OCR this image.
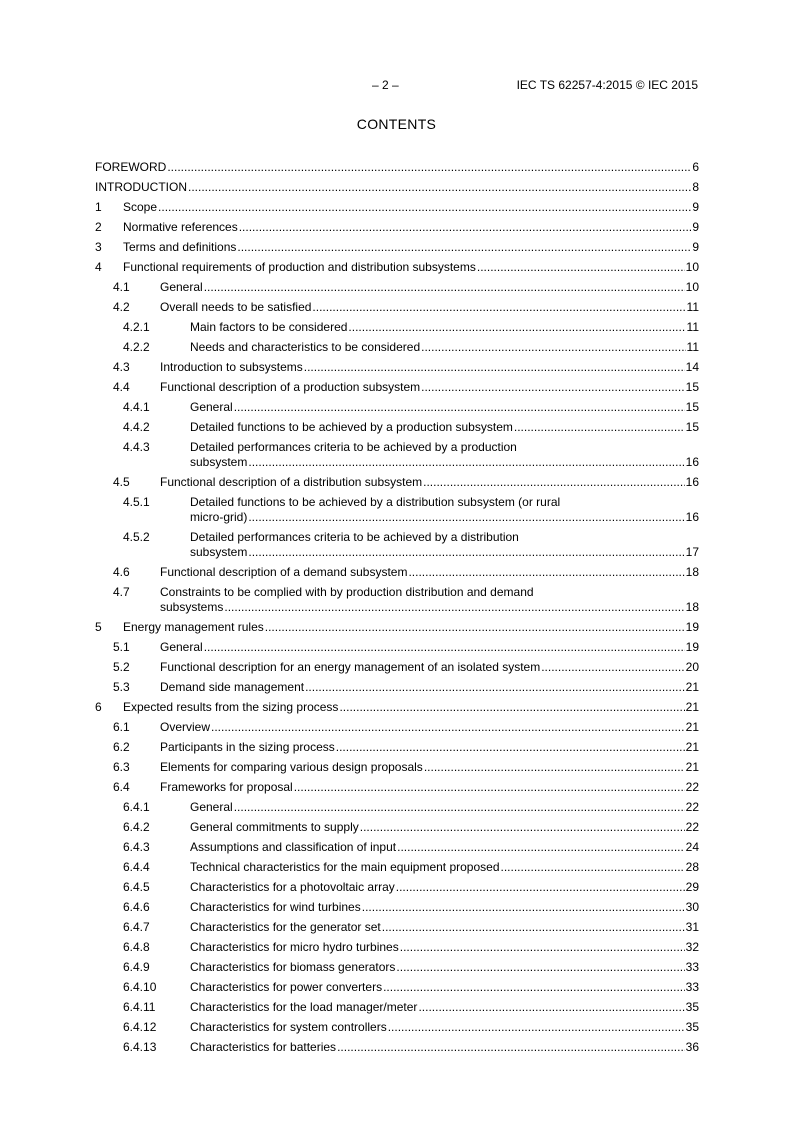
– 2 –	IEC TS 62257-4:2015 © IEC 2015
CONTENTS
FOREWORD .....	6
INTRODUCTION .....	8
1 Scope .....	9
2 Normative references .....	9
3 Terms and definitions .....	9
4 Functional requirements of production and distribution subsystems .....	10
4.1	General .....	10
4.2	Overall needs to be satisfied .....	11
4.2.1	Main factors to be considered .....	11
4.2.2	Needs and characteristics to be considered .....	11
4.3	Introduction to subsystems .....	14
4.4	Functional description of a production subsystem .....	15
4.4.1	General .....	15
4.4.2	Detailed functions to be achieved by a production subsystem .....	15
4.4.3	Detailed performances criteria to be achieved by a production
subsystem .....	16
4.5	Functional description of a distribution subsystem .....	16
4.5.1	Detailed functions to be achieved by a distribution subsystem (or rural
micro-grid) .....	16
4.5.2	Detailed performances criteria to be achieved by a distribution
subsystem .....	17
4.6	Functional description of a demand subsystem .....	18
4.7	Constraints to be complied with by production distribution and demand
subsystems .....	18
5 Energy management rules .....	19
5.1	General .....	19
5.2	Functional description for an energy management of an isolated system .....	20
5.3	Demand side management .....	21
6 Expected results from the sizing process .....	21
6.1	Overview .....	21
6.2	Participants in the sizing process .....	21
6.3	Elements for comparing various design proposals .....	21
6.4	Frameworks for proposal .....	22
6.4.1	General .....	22
6.4.2	General commitments to supply .....	22
6.4.3	Assumptions and classification of input .....	24
6.4.4	Technical characteristics for the main equipment proposed .....	28
6.4.5	Characteristics for a photovoltaic array .....	29
6.4.6	Characteristics for wind turbines .....	30
6.4.7	Characteristics for the generator set .....	31
6.4.8	Characteristics for micro hydro turbines .....	32
6.4.9	Characteristics for biomass generators .....	33
6.4.10	Characteristics for power converters .....	33
6.4.11	Characteristics for the load manager/meter .....	35
6.4.12	Characteristics for system controllers .....	35
6.4.13	Characteristics for batteries .....	36
